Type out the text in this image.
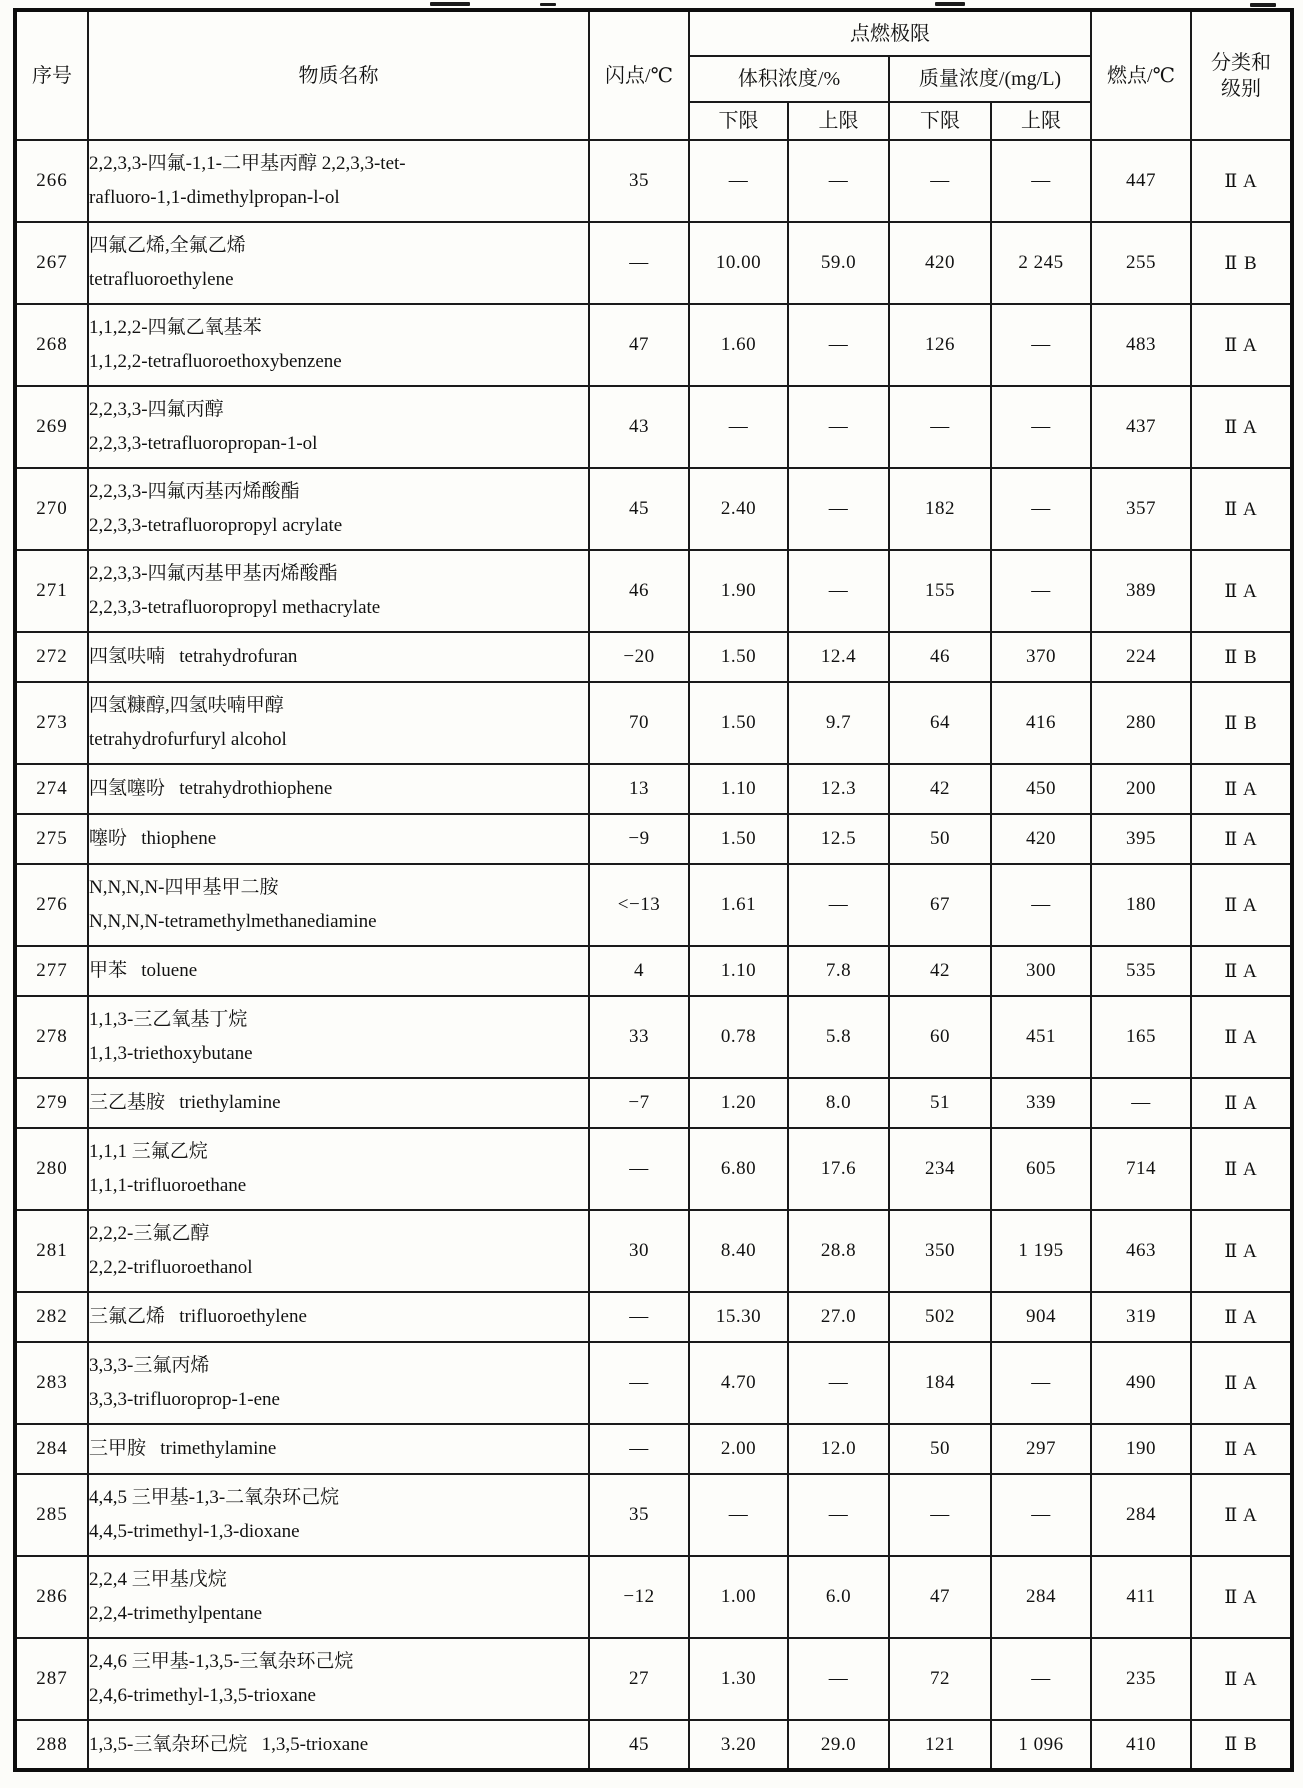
序号	物质名称	闪点/℃	点燃极限				燃点/℃	分类和
级别

			体积浓度/%		质量浓度/(mg/L)			
			下限	上限	下限	上限		
266	2,2,3,3-四氟-1,1-二甲基丙醇 2,2,3,3-tet-
rafluoro-1,1-dimethylpropan-l-ol	35	—	—	—	—	447	Ⅱ A
267	四氟乙烯,全氟乙烯
tetrafluoroethylene	—	10.00	59.0	420	2 245	255	Ⅱ B
268	1,1,2,2-四氟乙氧基苯
1,1,2,2-tetrafluoroethoxybenzene	47	1.60	—	126	—	483	Ⅱ A
269	2,2,3,3-四氟丙醇
2,2,3,3-tetrafluoropropan-1-ol	43	—	—	—	—	437	Ⅱ A
270	2,2,3,3-四氟丙基丙烯酸酯
2,2,3,3-tetrafluoropropyl acrylate	45	2.40	—	182	—	357	Ⅱ A
271	2,2,3,3-四氟丙基甲基丙烯酸酯
2,2,3,3-tetrafluoropropyl methacrylate	46	1.90	—	155	—	389	Ⅱ A
272	四氢呋喃   tetrahydrofuran	−20	1.50	12.4	46	370	224	Ⅱ B
273	四氢糠醇,四氢呋喃甲醇
tetrahydrofurfuryl alcohol	70	1.50	9.7	64	416	280	Ⅱ B
274	四氢噻吩   tetrahydrothiophene	13	1.10	12.3	42	450	200	Ⅱ A
275	噻吩   thiophene	−9	1.50	12.5	50	420	395	Ⅱ A
276	N,N,N,N-四甲基甲二胺
N,N,N,N-tetramethylmethanediamine	<−13	1.61	—	67	—	180	Ⅱ A
277	甲苯   toluene	4	1.10	7.8	42	300	535	Ⅱ A
278	1,1,3-三乙氧基丁烷
1,1,3-triethoxybutane	33	0.78	5.8	60	451	165	Ⅱ A
279	三乙基胺   triethylamine	−7	1.20	8.0	51	339	—	Ⅱ A
280	1,1,1 三氟乙烷
1,1,1-trifluoroethane	—	6.80	17.6	234	605	714	Ⅱ A
281	2,2,2-三氟乙醇
2,2,2-trifluoroethanol	30	8.40	28.8	350	1 195	463	Ⅱ A
282	三氟乙烯   trifluoroethylene	—	15.30	27.0	502	904	319	Ⅱ A
283	3,3,3-三氟丙烯
3,3,3-trifluoroprop-1-ene	—	4.70	—	184	—	490	Ⅱ A
284	三甲胺   trimethylamine	—	2.00	12.0	50	297	190	Ⅱ A
285	4,4,5 三甲基-1,3-二氧杂环己烷
4,4,5-trimethyl-1,3-dioxane	35	—	—	—	—	284	Ⅱ A
286	2,2,4 三甲基戊烷
2,2,4-trimethylpentane	−12	1.00	6.0	47	284	411	Ⅱ A
287	2,4,6 三甲基-1,3,5-三氧杂环己烷
2,4,6-trimethyl-1,3,5-trioxane	27	1.30	—	72	—	235	Ⅱ A
288	1,3,5-三氧杂环己烷   1,3,5-trioxane	45	3.20	29.0	121	1 096	410	Ⅱ B
